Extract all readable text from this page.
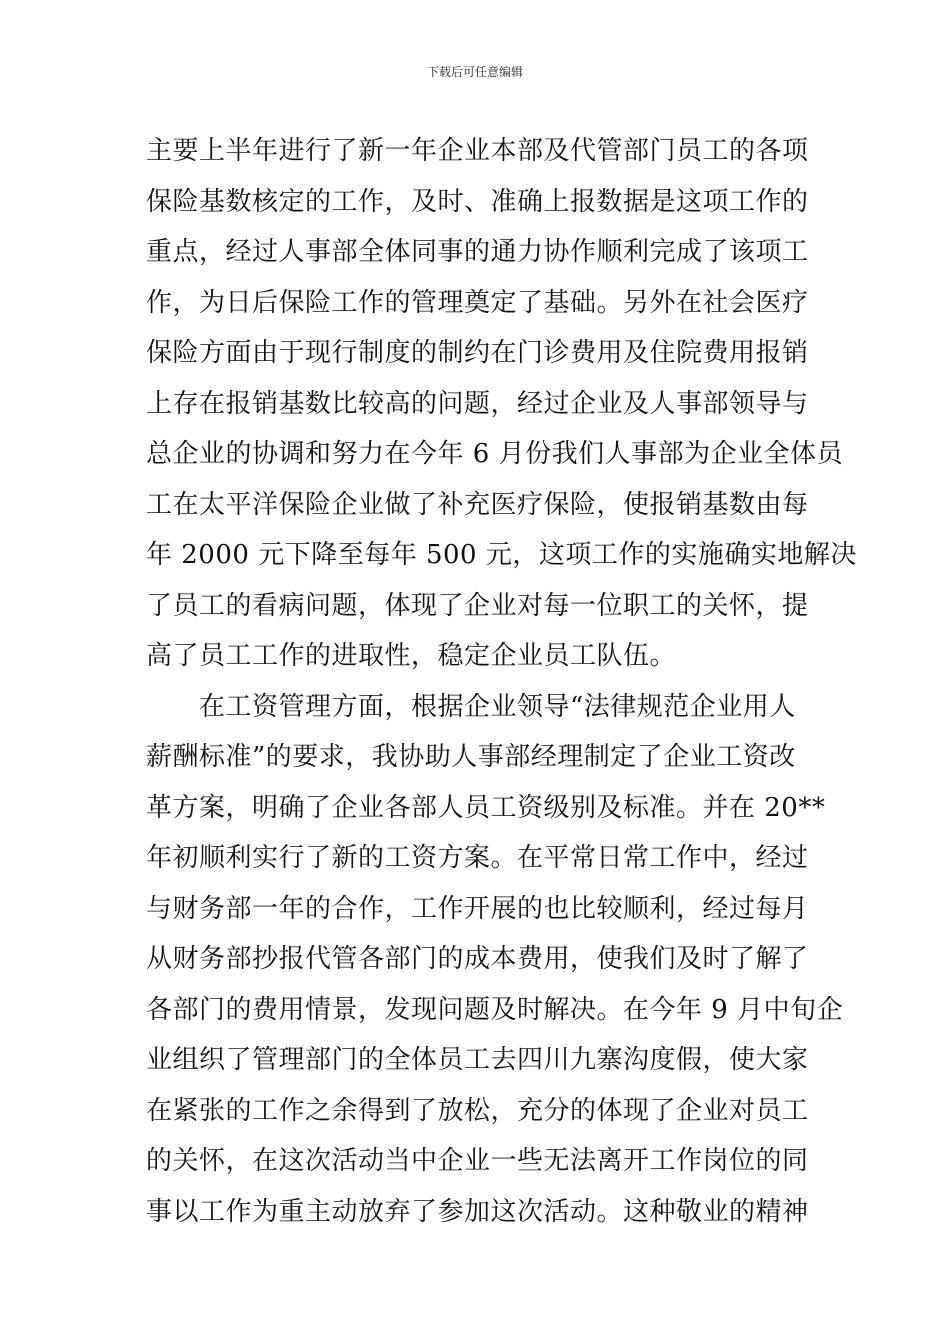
下载后可任意编辑
主要上半年进行了新一年企业本部及代管部门员工的各项
保险基数核定的工作，及时、准确上报数据是这项工作的
重点，经过人事部全体同事的通力协作顺利完成了该项工
作，为日后保险工作的管理奠定了基础。另外在社会医疗
保险方面由于现行制度的制约在门诊费用及住院费用报销
上存在报销基数比较高的问题，经过企业及人事部领导与
总企业的协调和努力在今年 6 月份我们人事部为企业全体员
工在太平洋保险企业做了补充医疗保险，使报销基数由每
年 2000 元下降至每年 500 元，这项工作的实施确实地解决
了员工的看病问题，体现了企业对每一位职工的关怀，提
高了员工工作的进取性，稳定企业员工队伍。
在工资管理方面，根据企业领导“法律规范企业用人
薪酬标准”的要求，我协助人事部经理制定了企业工资改
革方案，明确了企业各部人员工资级别及标准。并在 20**
年初顺利实行了新的工资方案。在平常日常工作中，经过
与财务部一年的合作，工作开展的也比较顺利，经过每月
从财务部抄报代管各部门的成本费用，使我们及时了解了
各部门的费用情景，发现问题及时解决。在今年 9 月中旬企
业组织了管理部门的全体员工去四川九寨沟度假，使大家
在紧张的工作之余得到了放松，充分的体现了企业对员工
的关怀，在这次活动当中企业一些无法离开工作岗位的同
事以工作为重主动放弃了参加这次活动。这种敬业的精神
